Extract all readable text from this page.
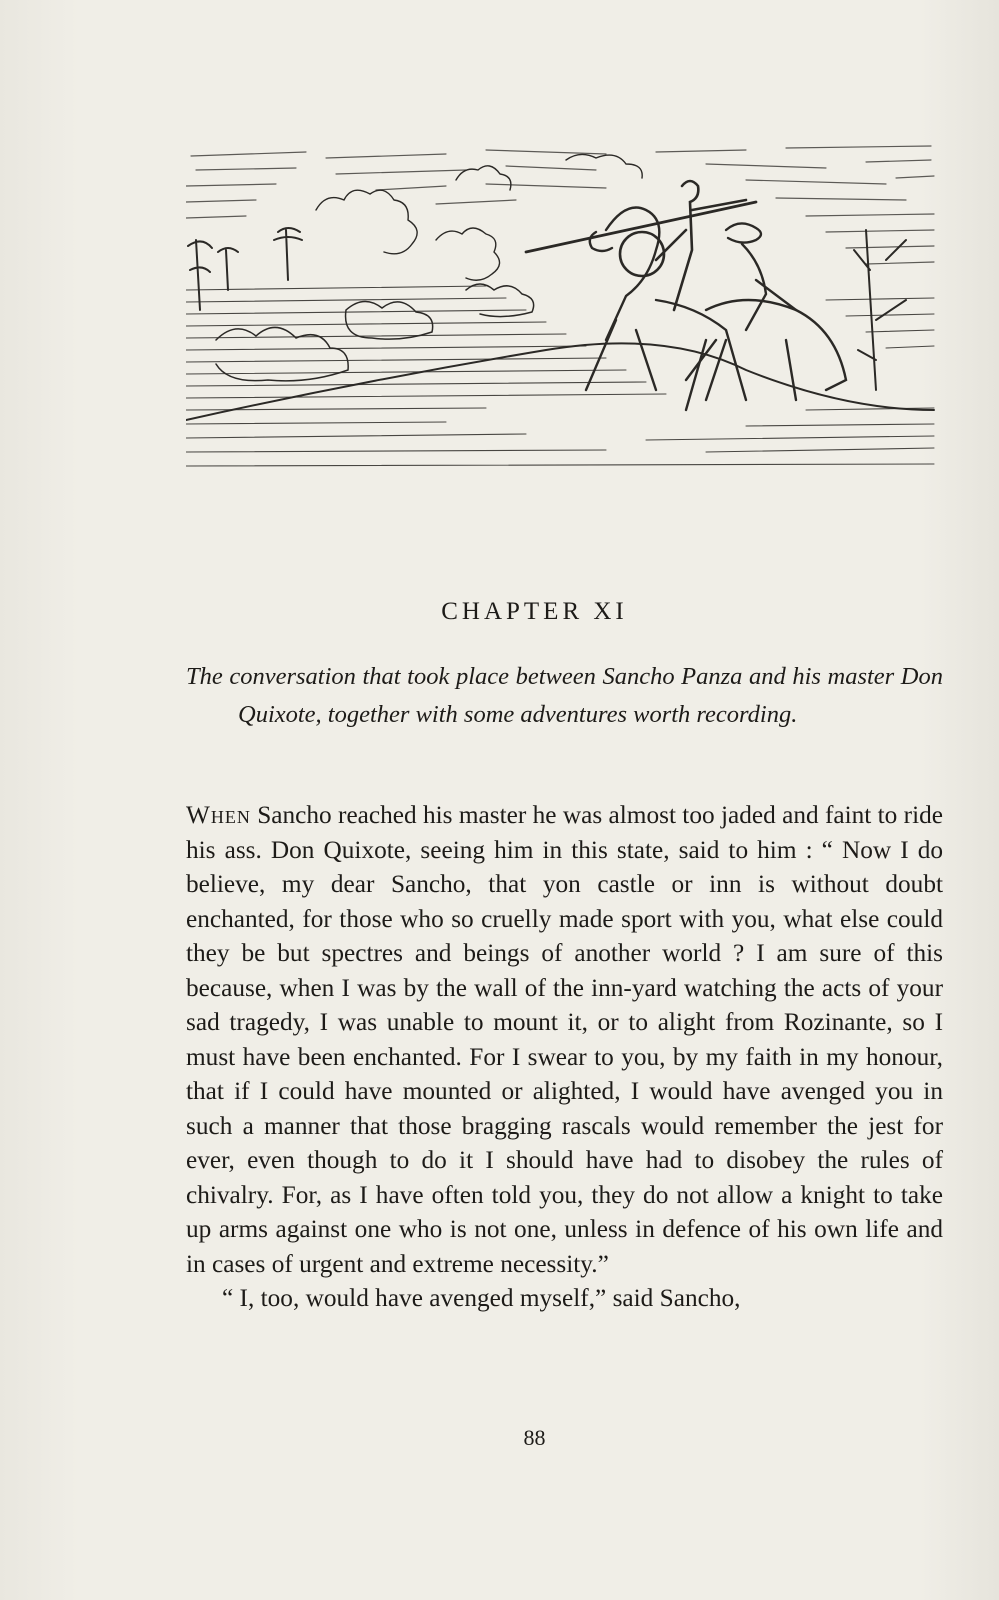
CHAPTER XI

The conversation that took place between Sancho Panza and his master Don Quixote, together with some adventures worth recording.

When Sancho reached his master he was almost too jaded and faint to ride his ass. Don Quixote, seeing him in this state, said to him : “ Now I do believe, my dear Sancho, that yon castle or inn is without doubt enchanted, for those who so cruelly made sport with you, what else could they be but spectres and beings of another world ? I am sure of this because, when I was by the wall of the inn-yard watching the acts of your sad tragedy, I was unable to mount it, or to alight from Rozinante, so I must have been enchanted. For I swear to you, by my faith in my honour, that if I could have mounted or alighted, I would have avenged you in such a manner that those bragging rascals would remember the jest for ever, even though to do it I should have had to disobey the rules of chivalry. For, as I have often told you, they do not allow a knight to take up arms against one who is not one, unless in defence of his own life and in cases of urgent and extreme necessity.”

“ I, too, would have avenged myself,” said Sancho,

88
